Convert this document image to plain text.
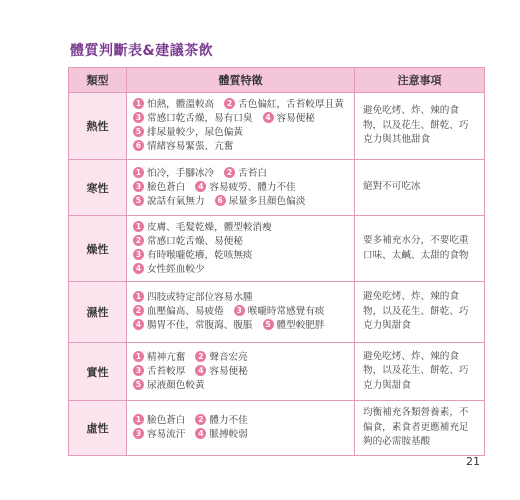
體質判斷表&建議茶飲
類型	體質特徵	注意事項
熱性	1 怕熱，體溫較高 2 舌色偏紅，舌苔較厚且黃
3 常感口乾舌燥，易有口臭 4 容易便秘
5 排尿量較少，尿色偏黃
6 情緒容易緊張、亢奮	避免吃烤、炸、辣的食物，以及花生、餅乾、巧克力與其他甜食
寒性	1 怕冷，手腳冰冷 2 舌苔白
3 臉色蒼白 4 容易疲勞、體力不佳
5 說話有氣無力 6 尿量多且顏色偏淡	絕對不可吃冰
燥性	1 皮膚、毛髮乾燥，體型較消瘦
2 常感口乾舌燥、易便秘
3 有時喉嚨乾癢，乾咳無痰
4 女性經血較少	要多補充水分，不要吃重口味、太鹹、太甜的食物
濕性	1 四肢或特定部位容易水腫
2 血壓偏高、易疲倦 3 喉嚨時常感覺有痰
4 腸胃不佳，常腹瀉、腹脹 5 體型較肥胖	避免吃烤、炸、辣的食物，以及花生、餅乾、巧克力與甜食
實性	1 精神亢奮 2 聲音宏亮
3 舌苔較厚 4 容易便秘
5 尿液顏色較黃	避免吃烤、炸、辣的食物，以及花生、餅乾、巧克力與甜食
虛性	1 臉色蒼白 2 體力不佳
3 容易流汗 4 脈搏較弱	均衡補充各類營養素，不偏食，素食者更應補充足夠的必需胺基酸
21
